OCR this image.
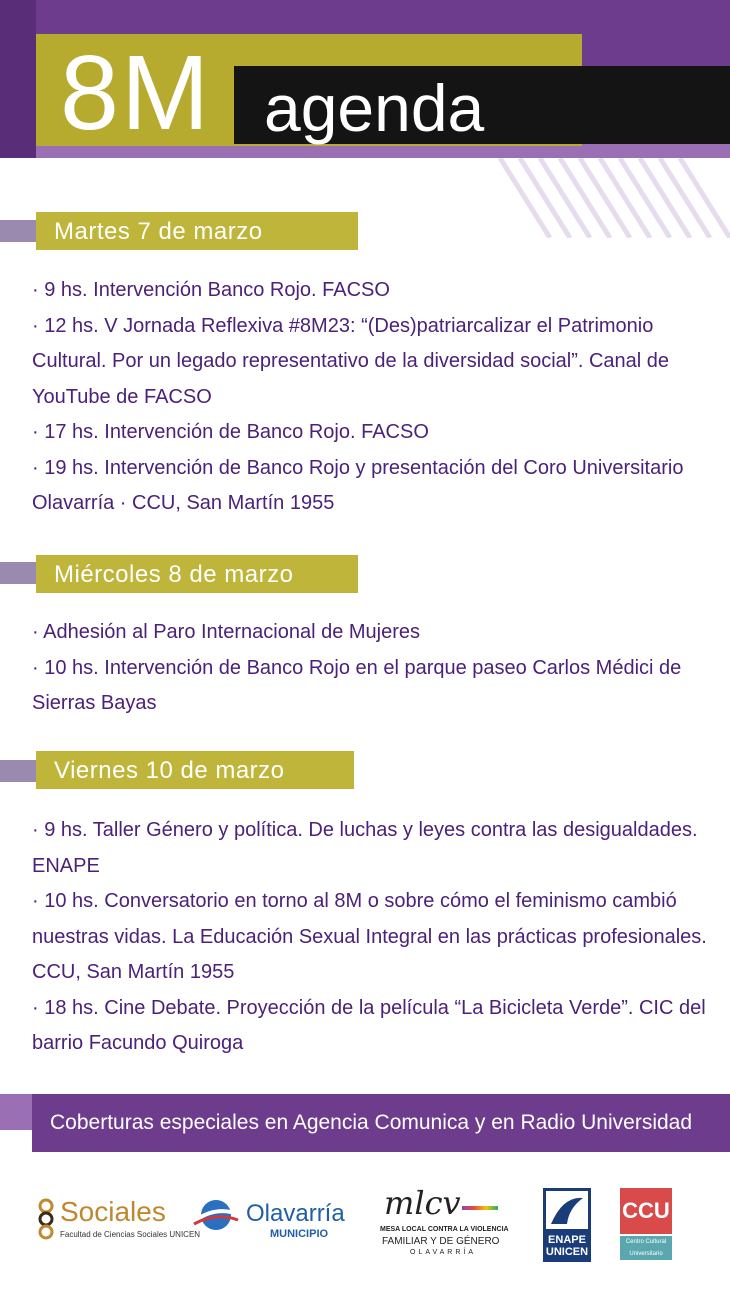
8M agenda
Martes 7 de marzo

· 9 hs. Intervención Banco Rojo. FACSO

· 12 hs. V Jornada Reflexiva #8M23: “(Des)patriarcalizar el Patrimonio Cultural. Por un legado representativo de la diversidad social”. Canal de YouTube de FACSO

· 17 hs. Intervención de Banco Rojo. FACSO

· 19 hs. Intervención de Banco Rojo y presentación del Coro Universitario Olavarría · CCU, San Martín 1955

Miércoles 8 de marzo

· Adhesión al Paro Internacional de Mujeres

· 10 hs. Intervención de Banco Rojo en el parque paseo Carlos Médici de Sierras Bayas

Viernes 10 de marzo

· 9 hs. Taller Género y política. De luchas y leyes contra las desigualdades. ENAPE

· 10 hs. Conversatorio en torno al 8M o sobre cómo el feminismo cambió nuestras vidas. La Educación Sexual Integral en las prácticas profesionales. CCU, San Martín 1955

· 18 hs. Cine Debate. Proyección de la película “La Bicicleta Verde”. CIC del barrio Facundo Quiroga

Coberturas especiales en Agencia Comunica y en Radio Universidad
Sociales
Facultad de Ciencias Sociales UNICEN
Olavarría
MUNICIPIO
mlcv
MESA LOCAL CONTRA LA VIOLENCIA
FAMILIAR Y DE GÉNERO
OLAVARRÍA
ENAPE
UNICEN
CCU
Centro Cultural Universitario
